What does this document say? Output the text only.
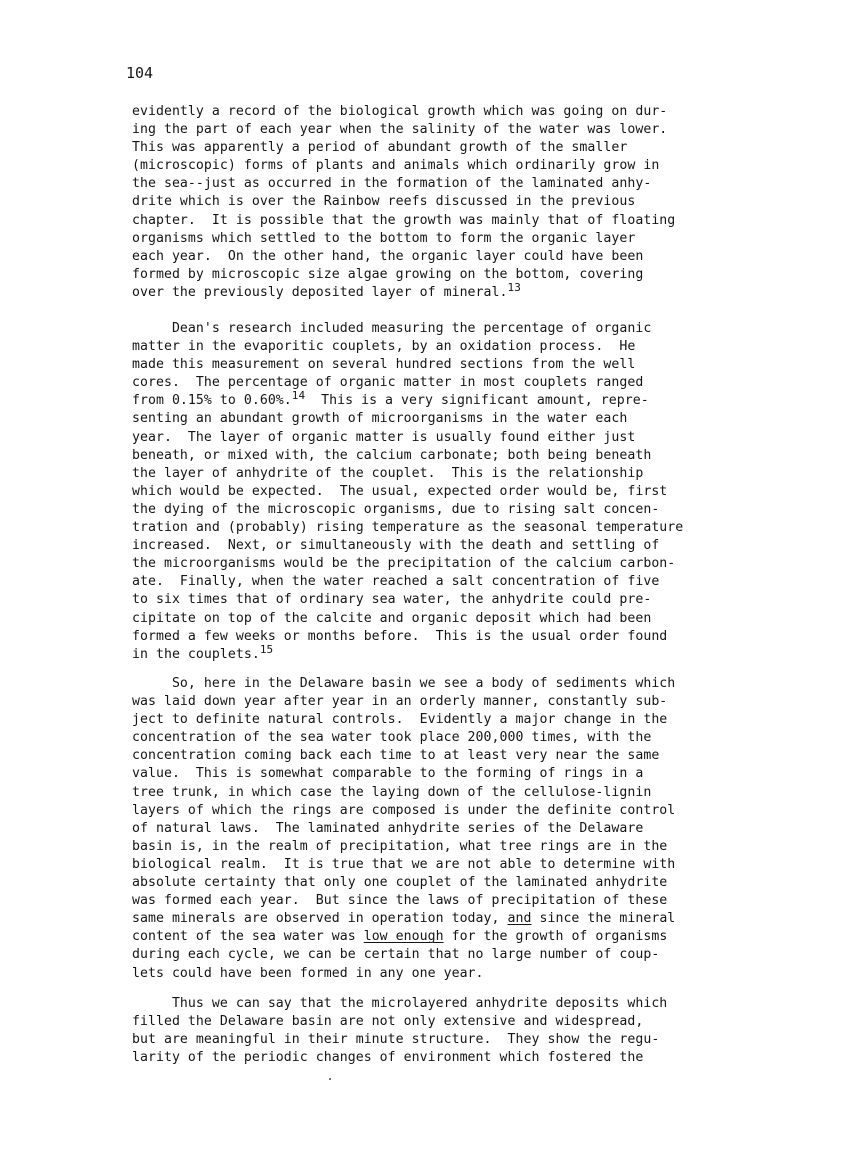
104
evidently a record of the biological growth which was going on dur-
ing the part of each year when the salinity of the water was lower.
This was apparently a period of abundant growth of the smaller
(microscopic) forms of plants and animals which ordinarily grow in
the sea--just as occurred in the formation of the laminated anhy-
drite which is over the Rainbow reefs discussed in the previous
chapter.  It is possible that the growth was mainly that of floating
organisms which settled to the bottom to form the organic layer
each year.  On the other hand, the organic layer could have been
formed by microscopic size algae growing on the bottom, covering
over the previously deposited layer of mineral.$^{13}$
Dean's research included measuring the percentage of organic
matter in the evaporitic couplets, by an oxidation process.  He
made this measurement on several hundred sections from the well
cores.  The percentage of organic matter in most couplets ranged
from 0.15% to 0.60%.$^{14}$  This is a very significant amount, repre-
senting an abundant growth of microorganisms in the water each
year.  The layer of organic matter is usually found either just
beneath, or mixed with, the calcium carbonate; both being beneath
the layer of anhydrite of the couplet.  This is the relationship
which would be expected.  The usual, expected order would be, first
the dying of the microscopic organisms, due to rising salt concen-
tration and (probably) rising temperature as the seasonal temperature
increased.  Next, or simultaneously with the death and settling of
the microorganisms would be the precipitation of the calcium carbon-
ate.  Finally, when the water reached a salt concentration of five
to six times that of ordinary sea water, the anhydrite could pre-
cipitate on top of the calcite and organic deposit which had been
formed a few weeks or months before.  This is the usual order found
in the couplets.$^{15}$
So, here in the Delaware basin we see a body of sediments which
was laid down year after year in an orderly manner, constantly sub-
ject to definite natural controls.  Evidently a major change in the
concentration of the sea water took place 200,000 times, with the
concentration coming back each time to at least very near the same
value.  This is somewhat comparable to the forming of rings in a
tree trunk, in which case the laying down of the cellulose-lignin
layers of which the rings are composed is under the definite control
of natural laws.  The laminated anhydrite series of the Delaware
basin is, in the realm of precipitation, what tree rings are in the
biological realm.  It is true that we are not able to determine with
absolute certainty that only one couplet of the laminated anhydrite
was formed each year.  But since the laws of precipitation of these
same minerals are observed in operation today, and since the mineral
content of the sea water was low enough for the growth of organisms
during each cycle, we can be certain that no large number of coup-
lets could have been formed in any one year.
Thus we can say that the microlayered anhydrite deposits which
filled the Delaware basin are not only extensive and widespread,
but are meaningful in their minute structure.  They show the regu-
larity of the periodic changes of environment which fostered the
